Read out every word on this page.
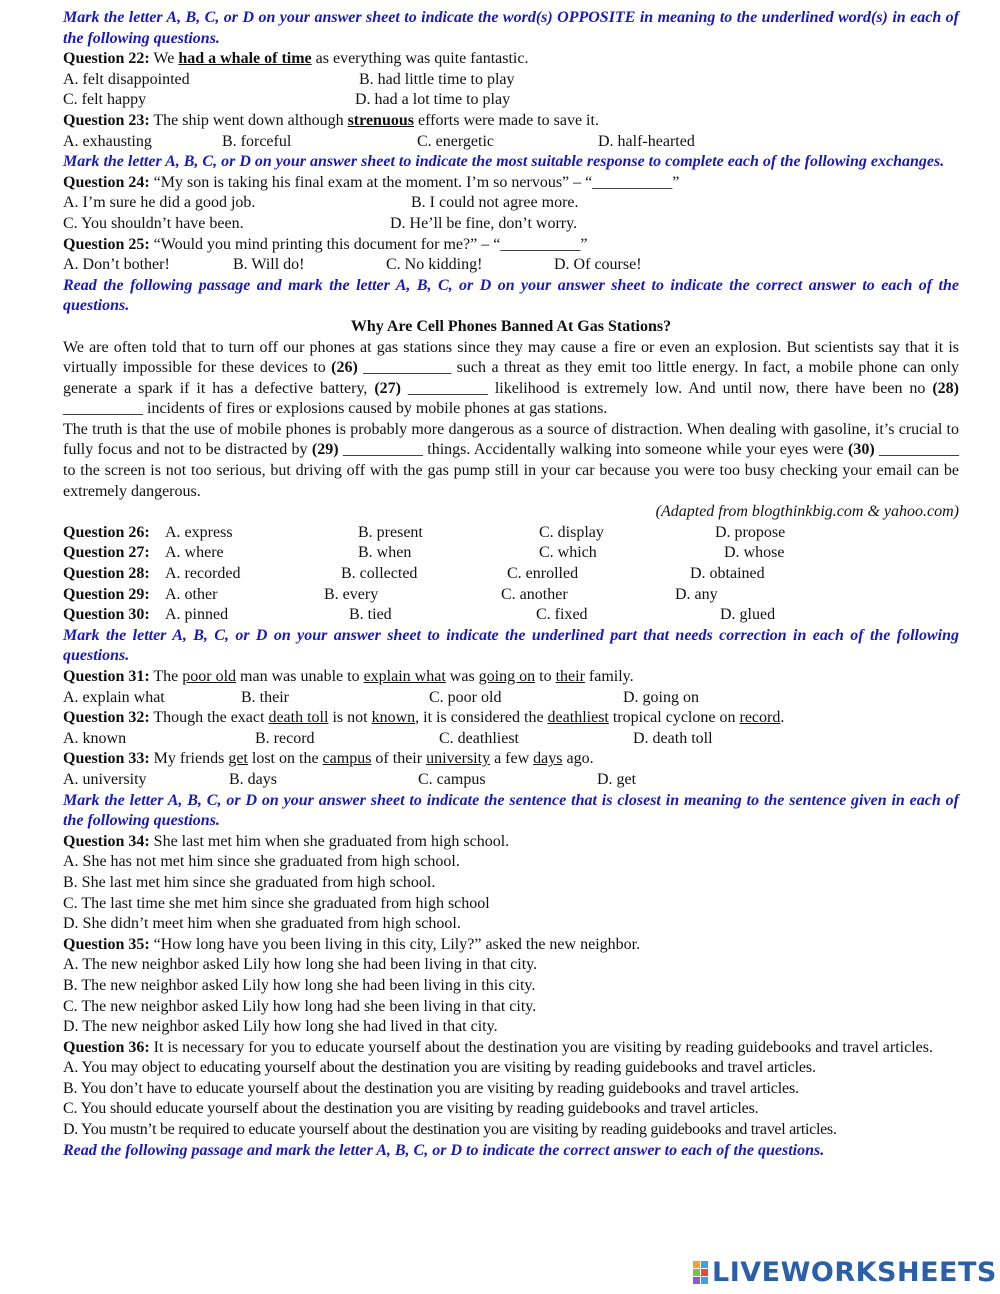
Mark the letter A, B, C, or D on your answer sheet to indicate the word(s) OPPOSITE in meaning to the underlined word(s) in each of the following questions.
Question 22: We had a whale of time as everything was quite fantastic.
A. felt disappointed	B. had little time to play
C. felt happy	D. had a lot time to play
Question 23: The ship went down although strenuous efforts were made to save it.
A. exhausting	B. forceful	C. energetic	D. half-hearted
Mark the letter A, B, C, or D on your answer sheet to indicate the most suitable response to complete each of the following exchanges.
Question 24: “My son is taking his final exam at the moment. I’m so nervous” – “__________”
A. I’m sure he did a good job.	B. I could not agree more.
C. You shouldn’t have been.	D. He’ll be fine, don’t worry.
Question 25: “Would you mind printing this document for me?” – “__________”
A. Don’t bother!	B. Will do!	C. No kidding!	D. Of course!
Read the following passage and mark the letter A, B, C, or D on your answer sheet to indicate the correct answer to each of the questions.
Why Are Cell Phones Banned At Gas Stations?
We are often told that to turn off our phones at gas stations since they may cause a fire or even an explosion. But scientists say that it is virtually impossible for these devices to (26) ___________ such a threat as they emit too little energy. In fact, a mobile phone can only generate a spark if it has a defective battery, (27) __________ likelihood is extremely low. And until now, there have been no (28) __________ incidents of fires or explosions caused by mobile phones at gas stations.
The truth is that the use of mobile phones is probably more dangerous as a source of distraction. When dealing with gasoline, it’s crucial to fully focus and not to be distracted by (29) __________ things. Accidentally walking into someone while your eyes were (30) __________ to the screen is not too serious, but driving off with the gas pump still in your car because you were too busy checking your email can be extremely dangerous.
(Adapted from blogthinkbig.com & yahoo.com)
Question 26: A. express	B. present	C. display	D. propose
Question 27: A. where	B. when	C. which	D. whose
Question 28: A. recorded	B. collected	C. enrolled	D. obtained
Question 29: A. other	B. every	C. another	D. any
Question 30: A. pinned	B. tied	C. fixed	D. glued
Mark the letter A, B, C, or D on your answer sheet to indicate the underlined part that needs correction in each of the following questions.
Question 31: The poor old man was unable to explain what was going on to their family.
A. explain what	B. their	C. poor old	D. going on
Question 32: Though the exact death toll is not known, it is considered the deathliest tropical cyclone on record.
A. known	B. record	C. deathliest	D. death toll
Question 33: My friends get lost on the campus of their university a few days ago.
A. university	B. days	C. campus	D. get
Mark the letter A, B, C, or D on your answer sheet to indicate the sentence that is closest in meaning to the sentence given in each of the following questions.
Question 34: She last met him when she graduated from high school.
A. She has not met him since she graduated from high school.
B. She last met him since she graduated from high school.
C. The last time she met him since she graduated from high school
D. She didn’t meet him when she graduated from high school.
Question 35: “How long have you been living in this city, Lily?” asked the new neighbor.
A. The new neighbor asked Lily how long she had been living in that city.
B. The new neighbor asked Lily how long she had been living in this city.
C. The new neighbor asked Lily how long had she been living in that city.
D. The new neighbor asked Lily how long she had lived in that city.
Question 36: It is necessary for you to educate yourself about the destination you are visiting by reading guidebooks and travel articles.
A. You may object to educating yourself about the destination you are visiting by reading guidebooks and travel articles.
B. You don’t have to educate yourself about the destination you are visiting by reading guidebooks and travel articles.
C. You should educate yourself about the destination you are visiting by reading guidebooks and travel articles.
D. You mustn’t be required to educate yourself about the destination you are visiting by reading guidebooks and travel articles.
Read the following passage and mark the letter A, B, C, or D to indicate the correct answer to each of the questions.
LIVEWORKSHEETS
